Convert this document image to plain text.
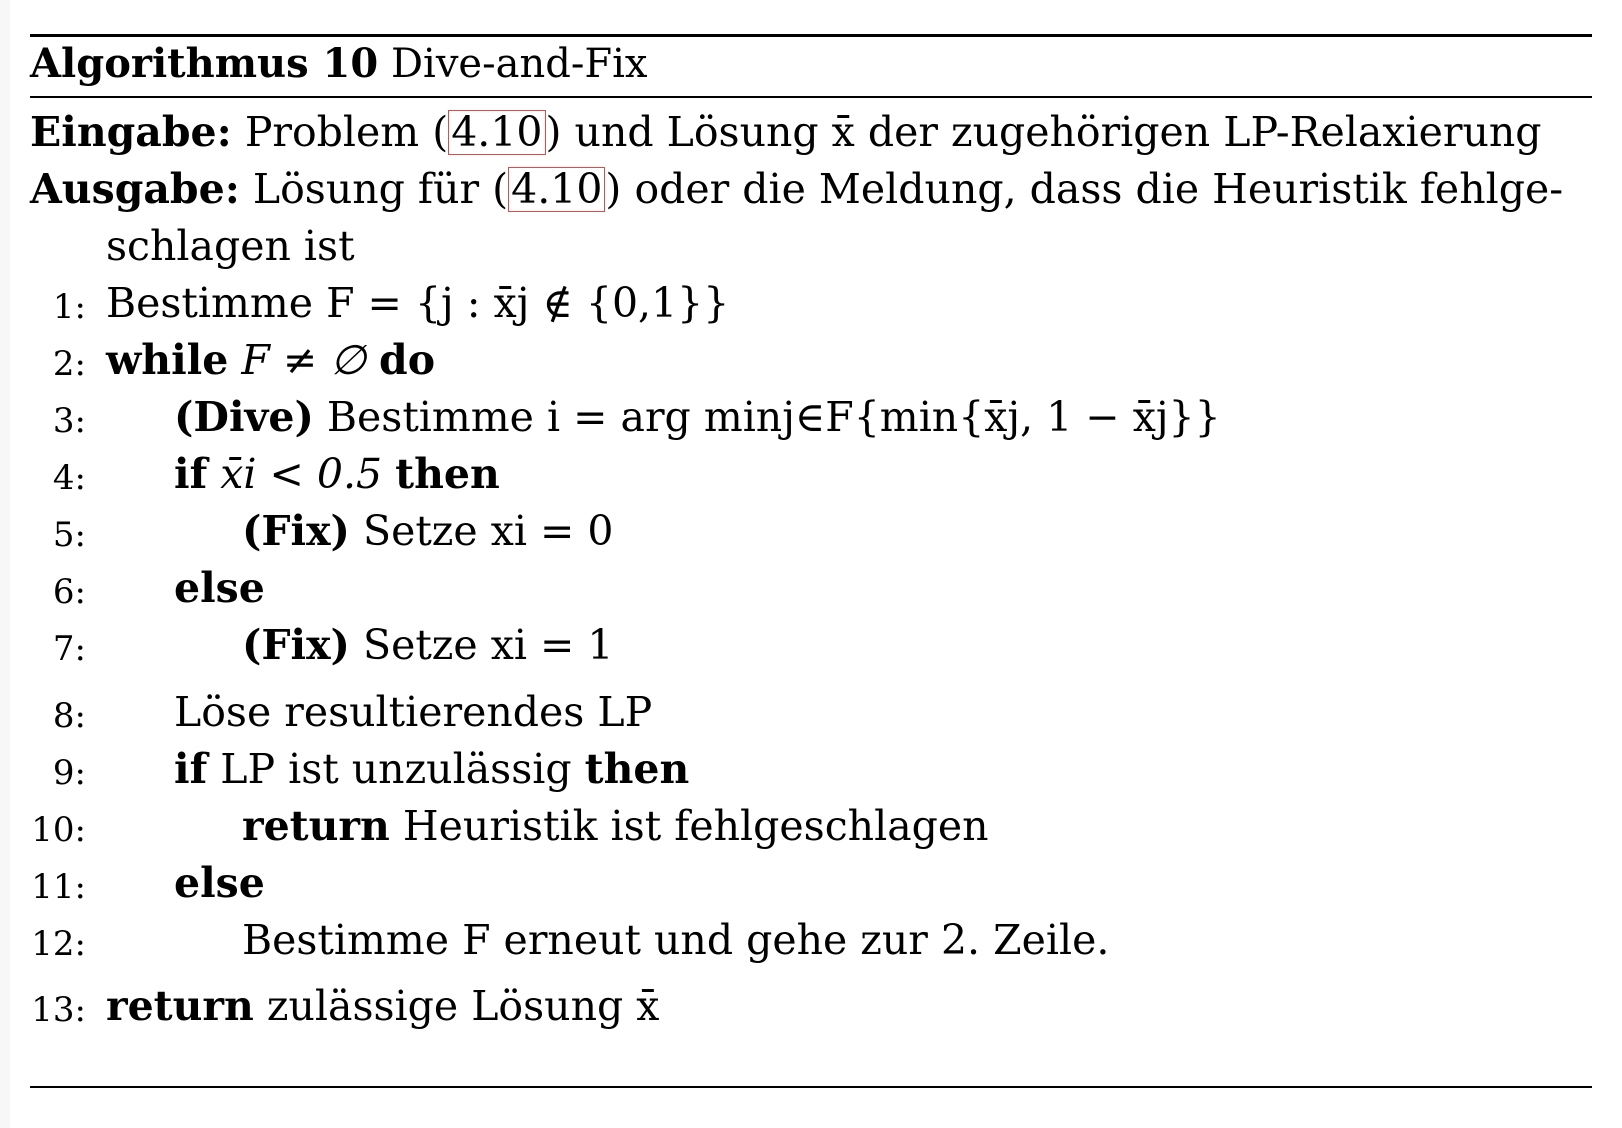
Algorithmus 10 Dive-and-Fix
Eingabe: Problem (4.10) und Lösung x̄ der zugehörigen LP-Relaxierung
Ausgabe: Lösung für (4.10) oder die Meldung, dass die Heuristik fehlge-
schlagen ist
1: Bestimme F = {j : x̄j ∉ {0,1}}
2: while F ≠ ∅ do
3: (Dive) Bestimme i = arg minj∈F{min{x̄j, 1 − x̄j}}
4: if x̄i < 0.5 then
5:	(Fix) Setze xi = 0
6: else
7:	(Fix) Setze xi = 1
8: Löse resultierendes LP
9: if LP ist unzulässig then
10:	return Heuristik ist fehlgeschlagen
11: else
12:	Bestimme F erneut und gehe zur 2. Zeile.
13: return zulässige Lösung x̄
